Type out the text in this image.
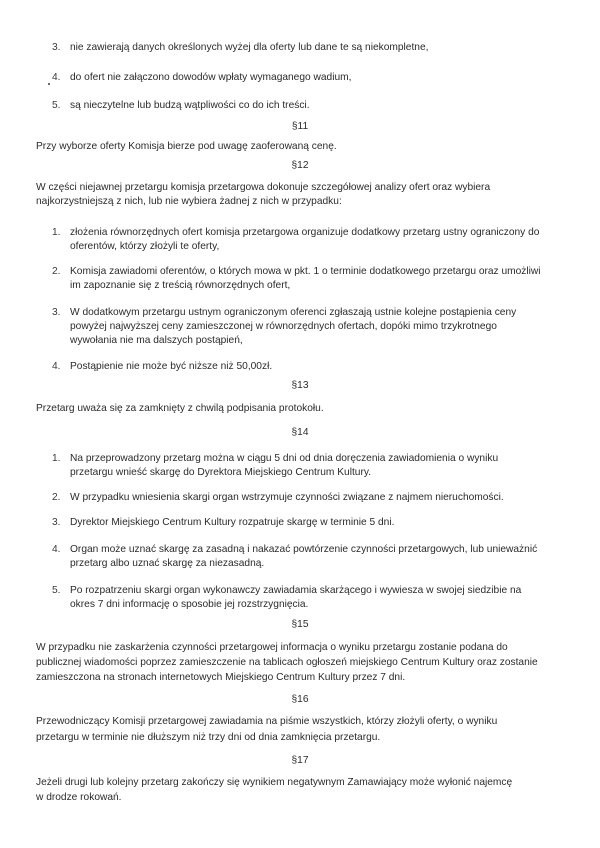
3. nie zawierają danych określonych wyżej dla oferty lub dane te są niekompletne,
4. do ofert nie załączono dowodów wpłaty wymaganego wadium,
5. są nieczytelne lub budzą wątpliwości co do ich treści.
§11
Przy wyborze oferty Komisja bierze pod uwagę zaoferowaną cenę.
§12
W części niejawnej przetargu komisja przetargowa dokonuje szczegółowej analizy ofert oraz wybiera
najkorzystniejszą z nich, lub nie wybiera żadnej z nich w przypadku:
1. złożenia równorzędnych ofert komisja przetargowa organizuje dodatkowy przetarg ustny ograniczony do
oferentów, którzy złożyli te oferty,
2. Komisja zawiadomi oferentów, o których mowa w pkt. 1 o terminie dodatkowego przetargu oraz umożliwi
im zapoznanie się z treścią równorzędnych ofert,
3. W dodatkowym przetargu ustnym ograniczonym oferenci zgłaszają ustnie kolejne postąpienia ceny
powyżej najwyższej ceny zamieszczonej w równorzędnych ofertach, dopóki mimo trzykrotnego
wywołania nie ma dalszych postąpień,
4. Postąpienie nie może być niższe niż 50,00zł.
§13
Przetarg uważa się za zamknięty z chwilą podpisania protokołu.
§14
1. Na przeprowadzony przetarg można w ciągu 5 dni od dnia doręczenia zawiadomienia o wyniku
przetargu wnieść skargę do Dyrektora Miejskiego Centrum Kultury.
2. W przypadku wniesienia skargi organ wstrzymuje czynności związane z najmem nieruchomości.
3. Dyrektor Miejskiego Centrum Kultury rozpatruje skargę w terminie 5 dni.
4. Organ może uznać skargę za zasadną i nakazać powtórzenie czynności przetargowych, lub unieważnić
przetarg albo uznać skargę za niezasadną.
5. Po rozpatrzeniu skargi organ wykonawczy zawiadamia skarżącego i wywiesza w swojej siedzibie na
okres 7 dni informację o sposobie jej rozstrzygnięcia.
§15
W przypadku nie zaskarżenia czynności przetargowej informacja o wyniku przetargu zostanie podana do
publicznej wiadomości poprzez zamieszczenie na tablicach ogłoszeń miejskiego Centrum Kultury oraz zostanie
zamieszczona na stronach internetowych Miejskiego Centrum Kultury przez 7 dni.
§16
Przewodniczący Komisji przetargowej zawiadamia na piśmie wszystkich, którzy złożyli oferty, o wyniku
przetargu w terminie nie dłuższym niż trzy dni od dnia zamknięcia przetargu.
§17
Jeżeli drugi lub kolejny przetarg zakończy się wynikiem negatywnym Zamawiający może wyłonić najemcę
w drodze rokowań.
